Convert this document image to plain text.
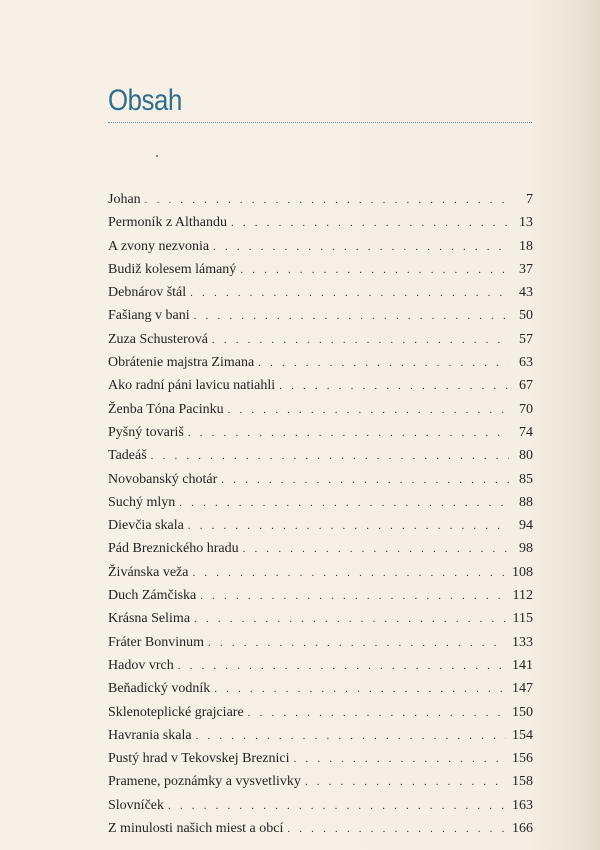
Obsah
Johan . . .	7
Permoník z Althandu . . .	13
A zvony nezvonia . . .	18
Budiž kolesem lámaný . . .	37
Debnárov štál . . .	43
Fašiang v bani . . .	50
Zuza Schusterová . . .	57
Obrátenie majstra Zimana . . .	63
Ako radní páni lavicu natiahli . . .	67
Ženba Tóna Pacinku . . .	70
Pyšný tovariš . . .	74
Tadeáš . . .	80
Novobanský chotár . . .	85
Suchý mlyn . . .	88
Dievčia skala . . .	94
Pád Breznického hradu . . .	98
Živánska veža . . .	108
Duch Zámčiska . . .	112
Krásna Selima . . .	115
Fráter Bonvinum . . .	133
Hadov vrch . . .	141
Beňadický vodník . . .	147
Sklenoteplické grajciare . . .	150
Havrania skala . . .	154
Pustý hrad v Tekovskej Breznici . . .	156
Pramene, poznámky a vysvetlivky . . .	158
Slovníček . . .	163
Z minulosti našich miest a obcí . . .	166
